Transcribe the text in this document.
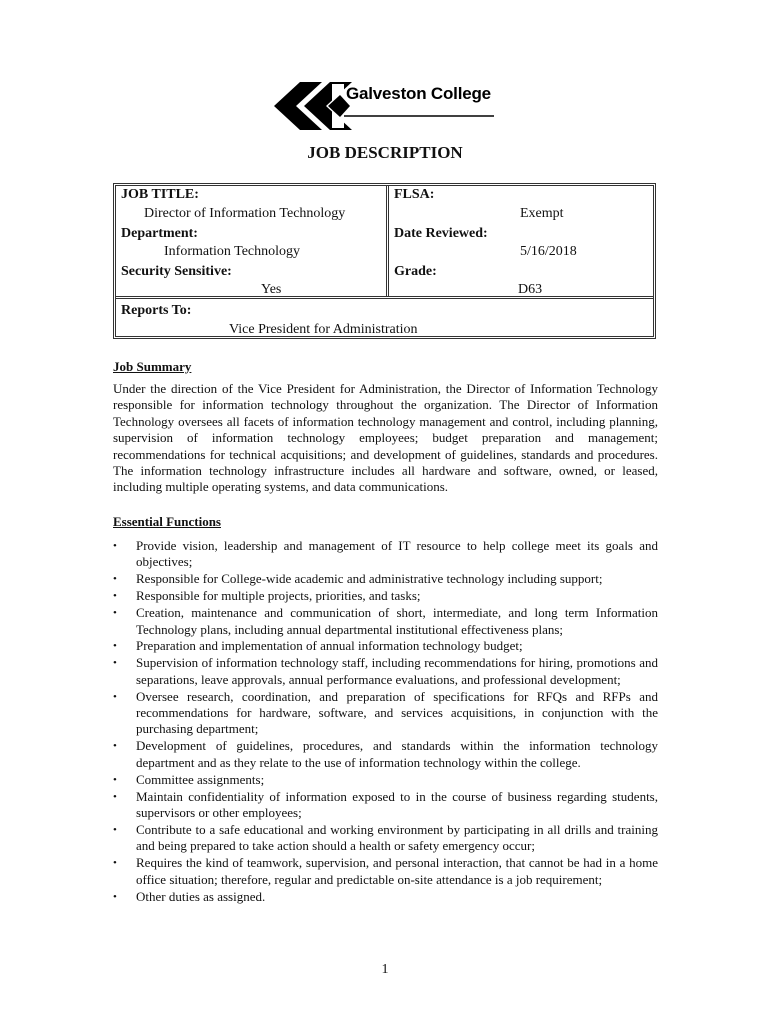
Galveston College
JOB DESCRIPTION
JOB TITLE:
Director of Information Technology
Department:
Information Technology
Security Sensitive:
Yes
FLSA:
Exempt
Date Reviewed:
5/16/2018
Grade:
D63
Reports To:
Vice President for Administration
Job Summary
Under the direction of the Vice President for Administration, the Director of Information Technology responsible for information technology throughout the organization. The Director of Information Technology oversees all facets of information technology management and control, including planning, supervision of information technology employees; budget preparation and management; recommendations for technical acquisitions; and development of guidelines, standards and procedures. The information technology infrastructure includes all hardware and software, owned, or leased, including multiple operating systems, and data communications.
Essential Functions
• Provide vision, leadership and management of IT resource to help college meet its goals and objectives;
• Responsible for College-wide academic and administrative technology including support;
• Responsible for multiple projects, priorities, and tasks;
• Creation, maintenance and communication of short, intermediate, and long term Information Technology plans, including annual departmental institutional effectiveness plans;
• Preparation and implementation of annual information technology budget;
• Supervision of information technology staff, including recommendations for hiring, promotions and separations, leave approvals, annual performance evaluations, and professional development;
• Oversee research, coordination, and preparation of specifications for RFQs and RFPs and recommendations for hardware, software, and services acquisitions, in conjunction with the purchasing department;
• Development of guidelines, procedures, and standards within the information technology department and as they relate to the use of information technology within the college.
• Committee assignments;
• Maintain confidentiality of information exposed to in the course of business regarding students, supervisors or other employees;
• Contribute to a safe educational and working environment by participating in all drills and training and being prepared to take action should a health or safety emergency occur;
• Requires the kind of teamwork, supervision, and personal interaction, that cannot be had in a home office situation; therefore, regular and predictable on-site attendance is a job requirement;
• Other duties as assigned.
1
